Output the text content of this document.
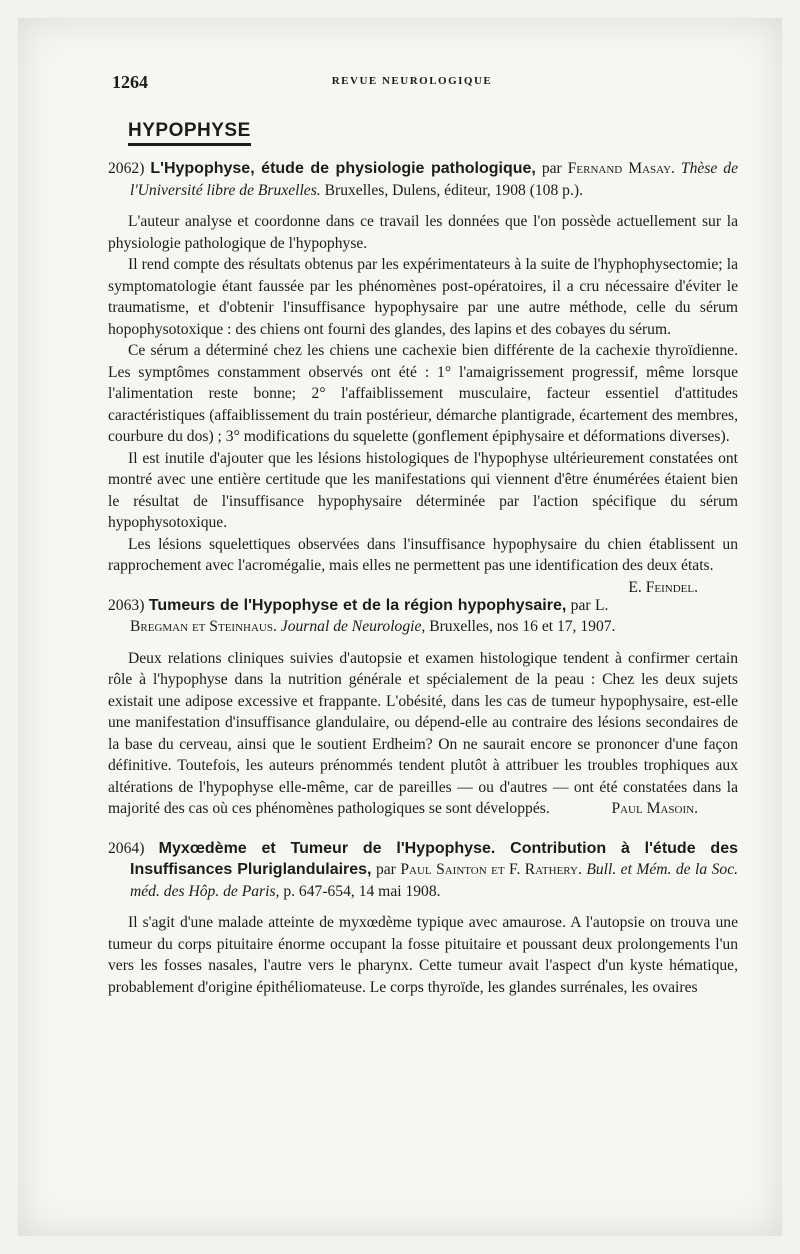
1264	REVUE NEUROLOGIQUE
HYPOPHYSE

2062) L'Hypophyse, étude de physiologie pathologique, par Fernand Masay. Thèse de l'Université libre de Bruxelles. Bruxelles, Dulens, éditeur, 1908 (108 p.).

L'auteur analyse et coordonne dans ce travail les données que l'on possède actuellement sur la physiologie pathologique de l'hypophyse.

Il rend compte des résultats obtenus par les expérimentateurs à la suite de l'hyphophysectomie; la symptomatologie étant faussée par les phénomènes post-opératoires, il a cru nécessaire d'éviter le traumatisme, et d'obtenir l'insuffisance hypophysaire par une autre méthode, celle du sérum hopophysotoxique : des chiens ont fourni des glandes, des lapins et des cobayes du sérum.

Ce sérum a déterminé chez les chiens une cachexie bien différente de la cachexie thyroïdienne. Les symptômes constamment observés ont été : 1° l'amaigrissement progressif, même lorsque l'alimentation reste bonne; 2° l'affaiblissement musculaire, facteur essentiel d'attitudes caractéristiques (affaiblissement du train postérieur, démarche plantigrade, écartement des membres, courbure du dos) ; 3° modifications du squelette (gonflement épiphysaire et déformations diverses).

Il est inutile d'ajouter que les lésions histologiques de l'hypophyse ultérieurement constatées ont montré avec une entière certitude que les manifestations qui viennent d'être énumérées étaient bien le résultat de l'insuffisance hypophysaire déterminée par l'action spécifique du sérum hypophysotoxique.

Les lésions squelettiques observées dans l'insuffisance hypophysaire du chien établissent un rapprochement avec l'acromégalie, mais elles ne permettent pas une identification des deux états.
E. Feindel.

2063) Tumeurs de l'Hypophyse et de la région hypophysaire, par L. Bregman et Steinhaus. Journal de Neurologie, Bruxelles, nos 16 et 17, 1907.

Deux relations cliniques suivies d'autopsie et examen histologique tendent à confirmer certain rôle à l'hypophyse dans la nutrition générale et spécialement de la peau : Chez les deux sujets existait une adipose excessive et frappante. L'obésité, dans les cas de tumeur hypophysaire, est-elle une manifestation d'insuffisance glandulaire, ou dépend-elle au contraire des lésions secondaires de la base du cerveau, ainsi que le soutient Erdheim? On ne saurait encore se prononcer d'une façon définitive. Toutefois, les auteurs prénommés tendent plutôt à attribuer les troubles trophiques aux altérations de l'hypophyse elle-même, car de pareilles — ou d'autres — ont été constatées dans la majorité des cas où ces phénomènes pathologiques se sont développés.	Paul Masoin.

2064) Myxœdème et Tumeur de l'Hypophyse. Contribution à l'étude des Insuffisances Pluriglandulaires, par Paul Sainton et F. Rathery. Bull. et Mém. de la Soc. méd. des Hôp. de Paris, p. 647-654, 14 mai 1908.

Il s'agit d'une malade atteinte de myxœdème typique avec amaurose. A l'autopsie on trouva une tumeur du corps pituitaire énorme occupant la fosse pituitaire et poussant deux prolongements l'un vers les fosses nasales, l'autre vers le pharynx. Cette tumeur avait l'aspect d'un kyste hématique, probablement d'origine épithéliomateuse. Le corps thyroïde, les glandes surrénales, les ovaires
